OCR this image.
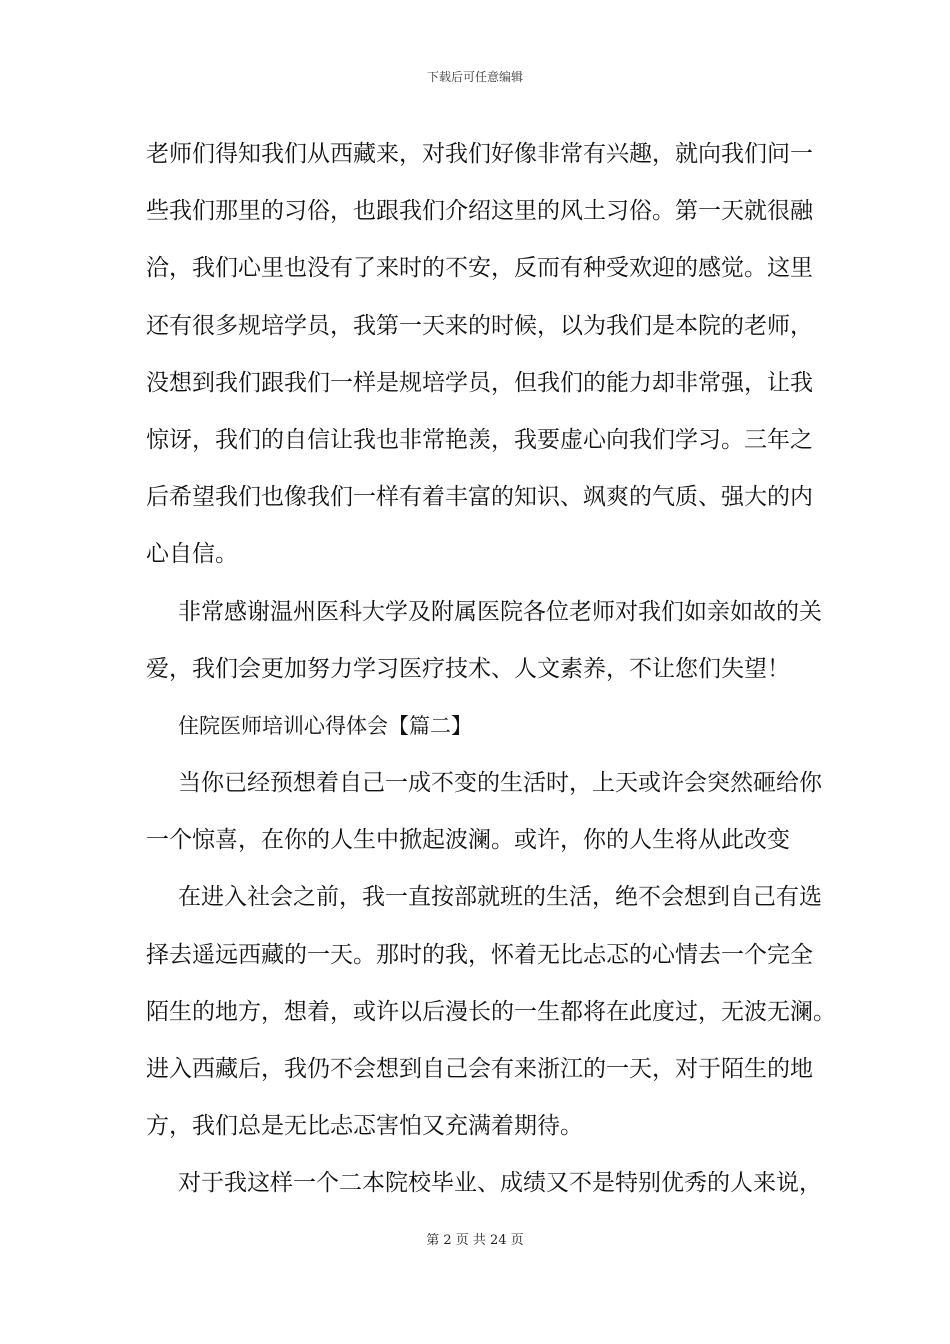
下载后可任意编辑
老师们得知我们从西藏来，对我们好像非常有兴趣，就向我们问一
些我们那里的习俗，也跟我们介绍这里的风土习俗。第一天就很融
洽，我们心里也没有了来时的不安，反而有种受欢迎的感觉。这里
还有很多规培学员，我第一天来的时候，以为我们是本院的老师，
没想到我们跟我们一样是规培学员，但我们的能力却非常强，让我
惊讶，我们的自信让我也非常艳羡，我要虚心向我们学习。三年之
后希望我们也像我们一样有着丰富的知识、飒爽的气质、强大的内
心自信。
非常感谢温州医科大学及附属医院各位老师对我们如亲如故的关
爱，我们会更加努力学习医疗技术、人文素养，不让您们失望！
住院医师培训心得体会【篇二】
当你已经预想着自己一成不变的生活时，上天或许会突然砸给你
一个惊喜，在你的人生中掀起波澜。或许，你的人生将从此改变
在进入社会之前，我一直按部就班的生活，绝不会想到自己有选
择去遥远西藏的一天。那时的我，怀着无比忐忑的心情去一个完全
陌生的地方，想着，或许以后漫长的一生都将在此度过，无波无澜。
进入西藏后，我仍不会想到自己会有来浙江的一天，对于陌生的地
方，我们总是无比忐忑害怕又充满着期待。
对于我这样一个二本院校毕业、成绩又不是特别优秀的人来说，
第 2 页 共 24 页
